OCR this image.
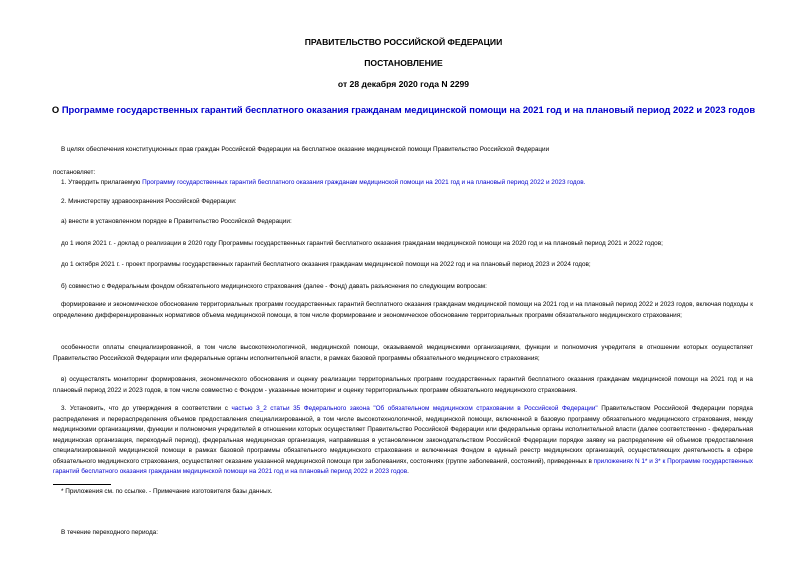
ПРАВИТЕЛЬСТВО РОССИЙСКОЙ ФЕДЕРАЦИИ
ПОСТАНОВЛЕНИЕ
от 28 декабря 2020 года N 2299
О Программе государственных гарантий бесплатного оказания гражданам медицинской помощи на 2021 год и на плановый период 2022 и 2023 годов
В целях обеспечения конституционных прав граждан Российской Федерации на бесплатное оказание медицинской помощи Правительство Российской Федерации
постановляет:
1. Утвердить прилагаемую Программу государственных гарантий бесплатного оказания гражданам медицинской помощи на 2021 год и на плановый период 2022 и 2023 годов.
2. Министерству здравоохранения Российской Федерации:
а) внести в установленном порядке в Правительство Российской Федерации:
до 1 июля 2021 г. - доклад о реализации в 2020 году Программы государственных гарантий бесплатного оказания гражданам медицинской помощи на 2020 год и на плановый период 2021 и 2022 годов;
до 1 октября 2021 г. - проект программы государственных гарантий бесплатного оказания гражданам медицинской помощи на 2022 год и на плановый период 2023 и 2024 годов;
б) совместно с Федеральным фондом обязательного медицинского страхования (далее - Фонд) давать разъяснения по следующим вопросам:
формирование и экономическое обоснование территориальных программ государственных гарантий бесплатного оказания гражданам медицинской помощи на 2021 год и на плановый период 2022 и 2023 годов, включая подходы к определению дифференцированных нормативов объема медицинской помощи, в том числе формирование и экономическое обоснование территориальных программ обязательного медицинского страхования;
особенности оплаты специализированной, в том числе высокотехнологичной, медицинской помощи, оказываемой медицинскими организациями, функции и полномочия учредителя в отношении которых осуществляет Правительство Российской Федерации или федеральные органы исполнительной власти, в рамках базовой программы обязательного медицинского страхования;
в) осуществлять мониторинг формирования, экономического обоснования и оценку реализации территориальных программ государственных гарантий бесплатного оказания гражданам медицинской помощи на 2021 год и на плановый период 2022 и 2023 годов, в том числе совместно с Фондом - указанные мониторинг и оценку территориальных программ обязательного медицинского страхования.
3. Установить, что до утверждения в соответствии с частью 3_2 статьи 35 Федерального закона "Об обязательном медицинском страховании в Российской Федерации" Правительством Российской Федерации порядка распределения и перераспределения объемов предоставления специализированной, в том числе высокотехнологичной, медицинской помощи, включенной в базовую программу обязательного медицинского страхования, между медицинскими организациями, функции и полномочия учредителей в отношении которых осуществляет Правительство Российской Федерации или федеральные органы исполнительной власти (далее соответственно - федеральная медицинская организация, переходный период), федеральная медицинская организация, направившая в установленном законодательством Российской Федерации порядке заявку на распределение ей объемов предоставления специализированной медицинской помощи в рамках базовой программы обязательного медицинского страхования и включенная Фондом в единый реестр медицинских организаций, осуществляющих деятельность в сфере обязательного медицинского страхования, осуществляет оказание указанной медицинской помощи при заболеваниях, состояниях (группе заболеваний, состояний), приведенных в приложениях N 1* и 3* к Программе государственных гарантий бесплатного оказания гражданам медицинской помощи на 2021 год и на плановый период 2022 и 2023 годов.
* Приложения см. по ссылке. - Примечание изготовителя базы данных.
В течение переходного периода:
